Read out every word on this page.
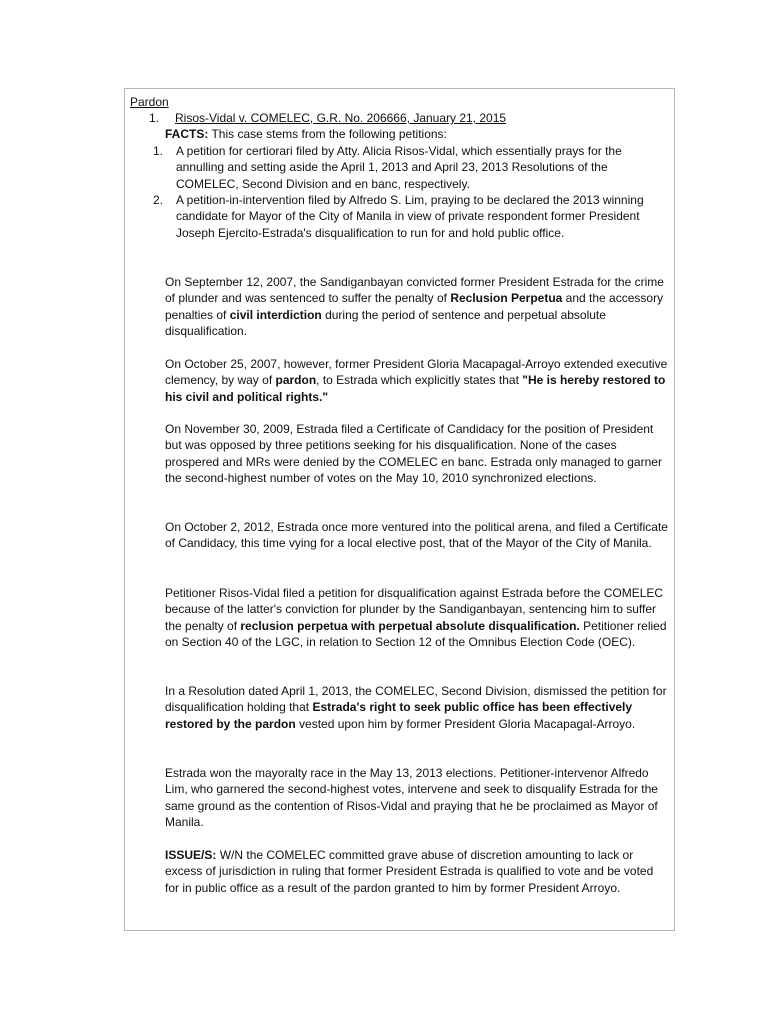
Pardon
1. Risos-Vidal v. COMELEC, G.R. No. 206666, January 21, 2015
FACTS: This case stems from the following petitions:
1. A petition for certiorari filed by Atty. Alicia Risos-Vidal, which essentially prays for the annulling and setting aside the April 1, 2013 and April 23, 2013 Resolutions of the COMELEC, Second Division and en banc, respectively.
2. A petition-in-intervention filed by Alfredo S. Lim, praying to be declared the 2013 winning candidate for Mayor of the City of Manila in view of private respondent former President Joseph Ejercito-Estrada's disqualification to run for and hold public office.
On September 12, 2007, the Sandiganbayan convicted former President Estrada for the crime of plunder and was sentenced to suffer the penalty of Reclusion Perpetua and the accessory penalties of civil interdiction during the period of sentence and perpetual absolute disqualification.
On October 25, 2007, however, former President Gloria Macapagal-Arroyo extended executive clemency, by way of pardon, to Estrada which explicitly states that "He is hereby restored to his civil and political rights."
On November 30, 2009, Estrada filed a Certificate of Candidacy for the position of President but was opposed by three petitions seeking for his disqualification. None of the cases prospered and MRs were denied by the COMELEC en banc. Estrada only managed to garner the second-highest number of votes on the May 10, 2010 synchronized elections.
On October 2, 2012, Estrada once more ventured into the political arena, and filed a Certificate of Candidacy, this time vying for a local elective post, that of the Mayor of the City of Manila.
Petitioner Risos-Vidal filed a petition for disqualification against Estrada before the COMELEC because of the latter's conviction for plunder by the Sandiganbayan, sentencing him to suffer the penalty of reclusion perpetua with perpetual absolute disqualification. Petitioner relied on Section 40 of the LGC, in relation to Section 12 of the Omnibus Election Code (OEC).
In a Resolution dated April 1, 2013, the COMELEC, Second Division, dismissed the petition for disqualification holding that Estrada's right to seek public office has been effectively restored by the pardon vested upon him by former President Gloria Macapagal-Arroyo.
Estrada won the mayoralty race in the May 13, 2013 elections. Petitioner-intervenor Alfredo Lim, who garnered the second-highest votes, intervene and seek to disqualify Estrada for the same ground as the contention of Risos-Vidal and praying that he be proclaimed as Mayor of Manila.
ISSUE/S: W/N the COMELEC committed grave abuse of discretion amounting to lack or excess of jurisdiction in ruling that former President Estrada is qualified to vote and be voted for in public office as a result of the pardon granted to him by former President Arroyo.
